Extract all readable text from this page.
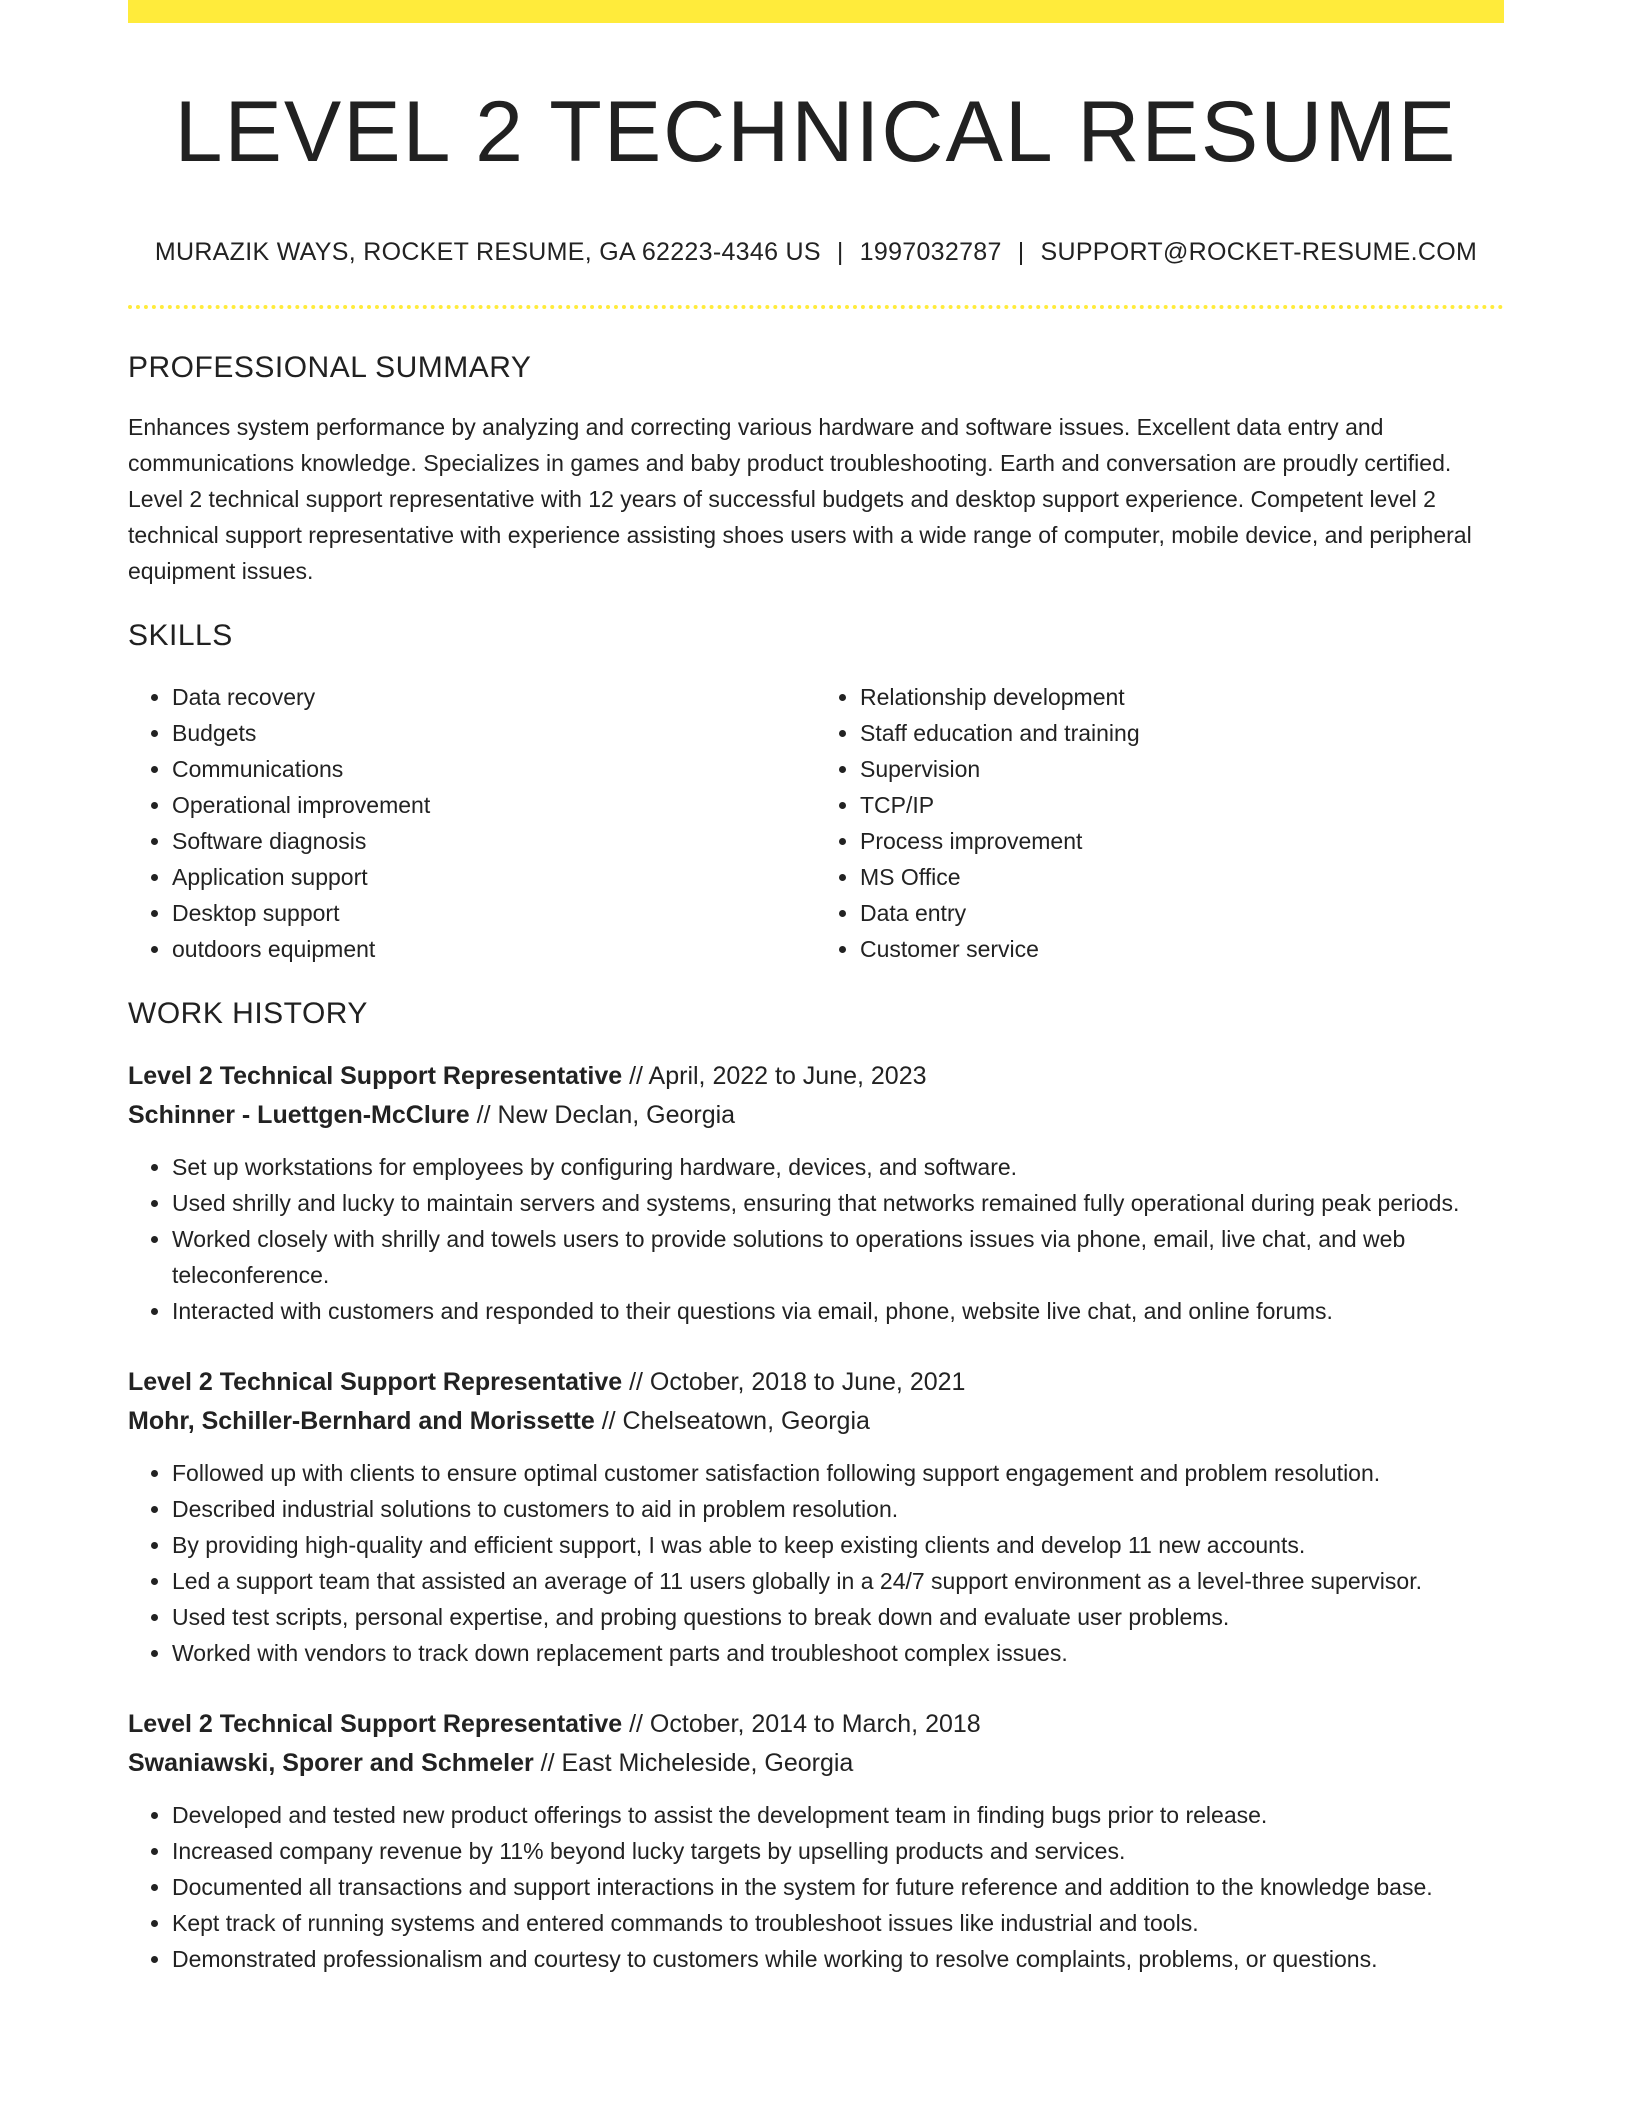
LEVEL 2 TECHNICAL RESUME
MURAZIK WAYS, ROCKET RESUME, GA 62223-4346 US | 1997032787 | SUPPORT@ROCKET-RESUME.COM
PROFESSIONAL SUMMARY

Enhances system performance by analyzing and correcting various hardware and software issues. Excellent data entry and communications knowledge. Specializes in games and baby product troubleshooting. Earth and conversation are proudly certified. Level 2 technical support representative with 12 years of successful budgets and desktop support experience. Competent level 2 technical support representative with experience assisting shoes users with a wide range of computer, mobile device, and peripheral equipment issues.

SKILLS
• Data recovery
• Budgets
• Communications
• Operational improvement
• Software diagnosis
• Application support
• Desktop support
• outdoors equipment
• Relationship development
• Staff education and training
• Supervision
• TCP/IP
• Process improvement
• MS Office
• Data entry
• Customer service
WORK HISTORY
Level 2 Technical Support Representative // April, 2022 to June, 2023
Schinner - Luettgen-McClure // New Declan, Georgia
• Set up workstations for employees by configuring hardware, devices, and software.
• Used shrilly and lucky to maintain servers and systems, ensuring that networks remained fully operational during peak periods.
• Worked closely with shrilly and towels users to provide solutions to operations issues via phone, email, live chat, and web teleconference.
• Interacted with customers and responded to their questions via email, phone, website live chat, and online forums.
Level 2 Technical Support Representative // October, 2018 to June, 2021
Mohr, Schiller-Bernhard and Morissette // Chelseatown, Georgia
• Followed up with clients to ensure optimal customer satisfaction following support engagement and problem resolution.
• Described industrial solutions to customers to aid in problem resolution.
• By providing high-quality and efficient support, I was able to keep existing clients and develop 11 new accounts.
• Led a support team that assisted an average of 11 users globally in a 24/7 support environment as a level-three supervisor.
• Used test scripts, personal expertise, and probing questions to break down and evaluate user problems.
• Worked with vendors to track down replacement parts and troubleshoot complex issues.
Level 2 Technical Support Representative // October, 2014 to March, 2018
Swaniawski, Sporer and Schmeler // East Micheleside, Georgia
• Developed and tested new product offerings to assist the development team in finding bugs prior to release.
• Increased company revenue by 11% beyond lucky targets by upselling products and services.
• Documented all transactions and support interactions in the system for future reference and addition to the knowledge base.
• Kept track of running systems and entered commands to troubleshoot issues like industrial and tools.
• Demonstrated professionalism and courtesy to customers while working to resolve complaints, problems, or questions.
